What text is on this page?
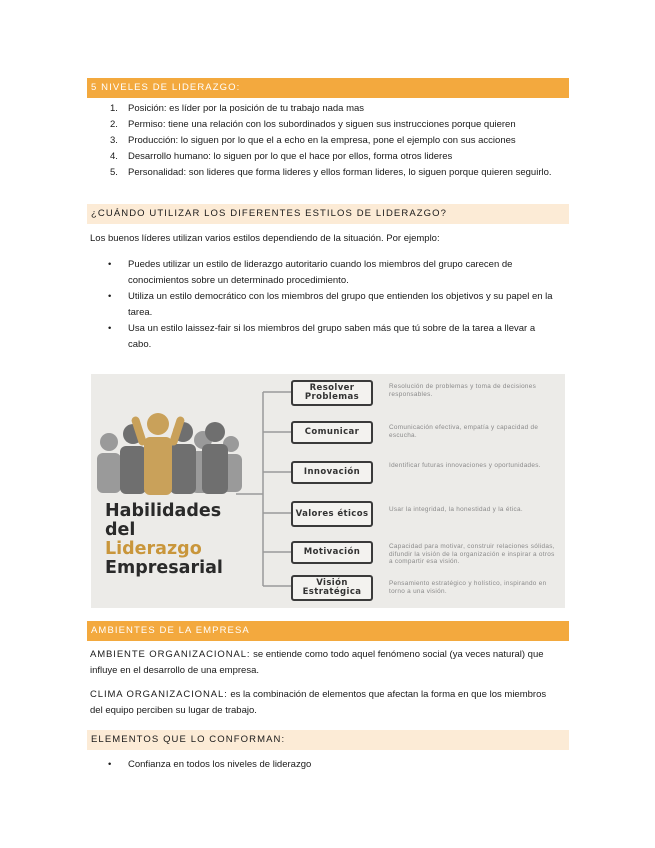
5 NIVELES DE LIDERAZGO:
1. Posición: es líder por la posición de tu trabajo nada mas
2. Permiso: tiene una relación con los subordinados y siguen sus instrucciones porque quieren
3. Producción: lo siguen por lo que el a echo en la empresa, pone el ejemplo con sus acciones
4. Desarrollo humano: lo siguen por lo que el hace por ellos, forma otros lideres
5. Personalidad: son lideres que forma lideres y ellos forman lideres, lo siguen porque quieren seguirlo.
¿CUÁNDO UTILIZAR LOS DIFERENTES ESTILOS DE LIDERAZGO?

Los buenos líderes utilizan varios estilos dependiendo de la situación. Por ejemplo:

• Puedes utilizar un estilo de liderazgo autoritario cuando los miembros del grupo carecen de conocimientos sobre un determinado procedimiento.
• Utiliza un estilo democrático con los miembros del grupo que entienden los objetivos y su papel en la tarea.
• Usa un estilo laissez-fair si los miembros del grupo saben más que tú sobre de la tarea a llevar a cabo.
Habilidades
del
Liderazgo
Empresarial
Resolver Problemas
Resolución de problemas y toma de decisiones responsables.
Comunicar	Comunicación efectiva, empatía y capacidad de escucha.
Innovación
Identificar futuras innovaciones y oportunidades.
Valores éticos	Usar la integridad, la honestidad y la ética.
Motivación
Capacidad para motivar, construir relaciones sólidas, difundir la visión de la organización e inspirar a otros a compartir esa visión.
Visión Estratégica
Pensamiento estratégico y holístico, inspirando en torno a una visión.
AMBIENTES DE LA EMPRESA

AMBIENTE ORGANIZACIONAL: se entiende como todo aquel fenómeno social (ya veces natural) que influye en el desarrollo de una empresa.

CLIMA ORGANIZACIONAL: es la combinación de elementos que afectan la forma en que los miembros del equipo perciben su lugar de trabajo.

ELEMENTOS QUE LO CONFORMAN:
• Confianza en todos los niveles de liderazgo
